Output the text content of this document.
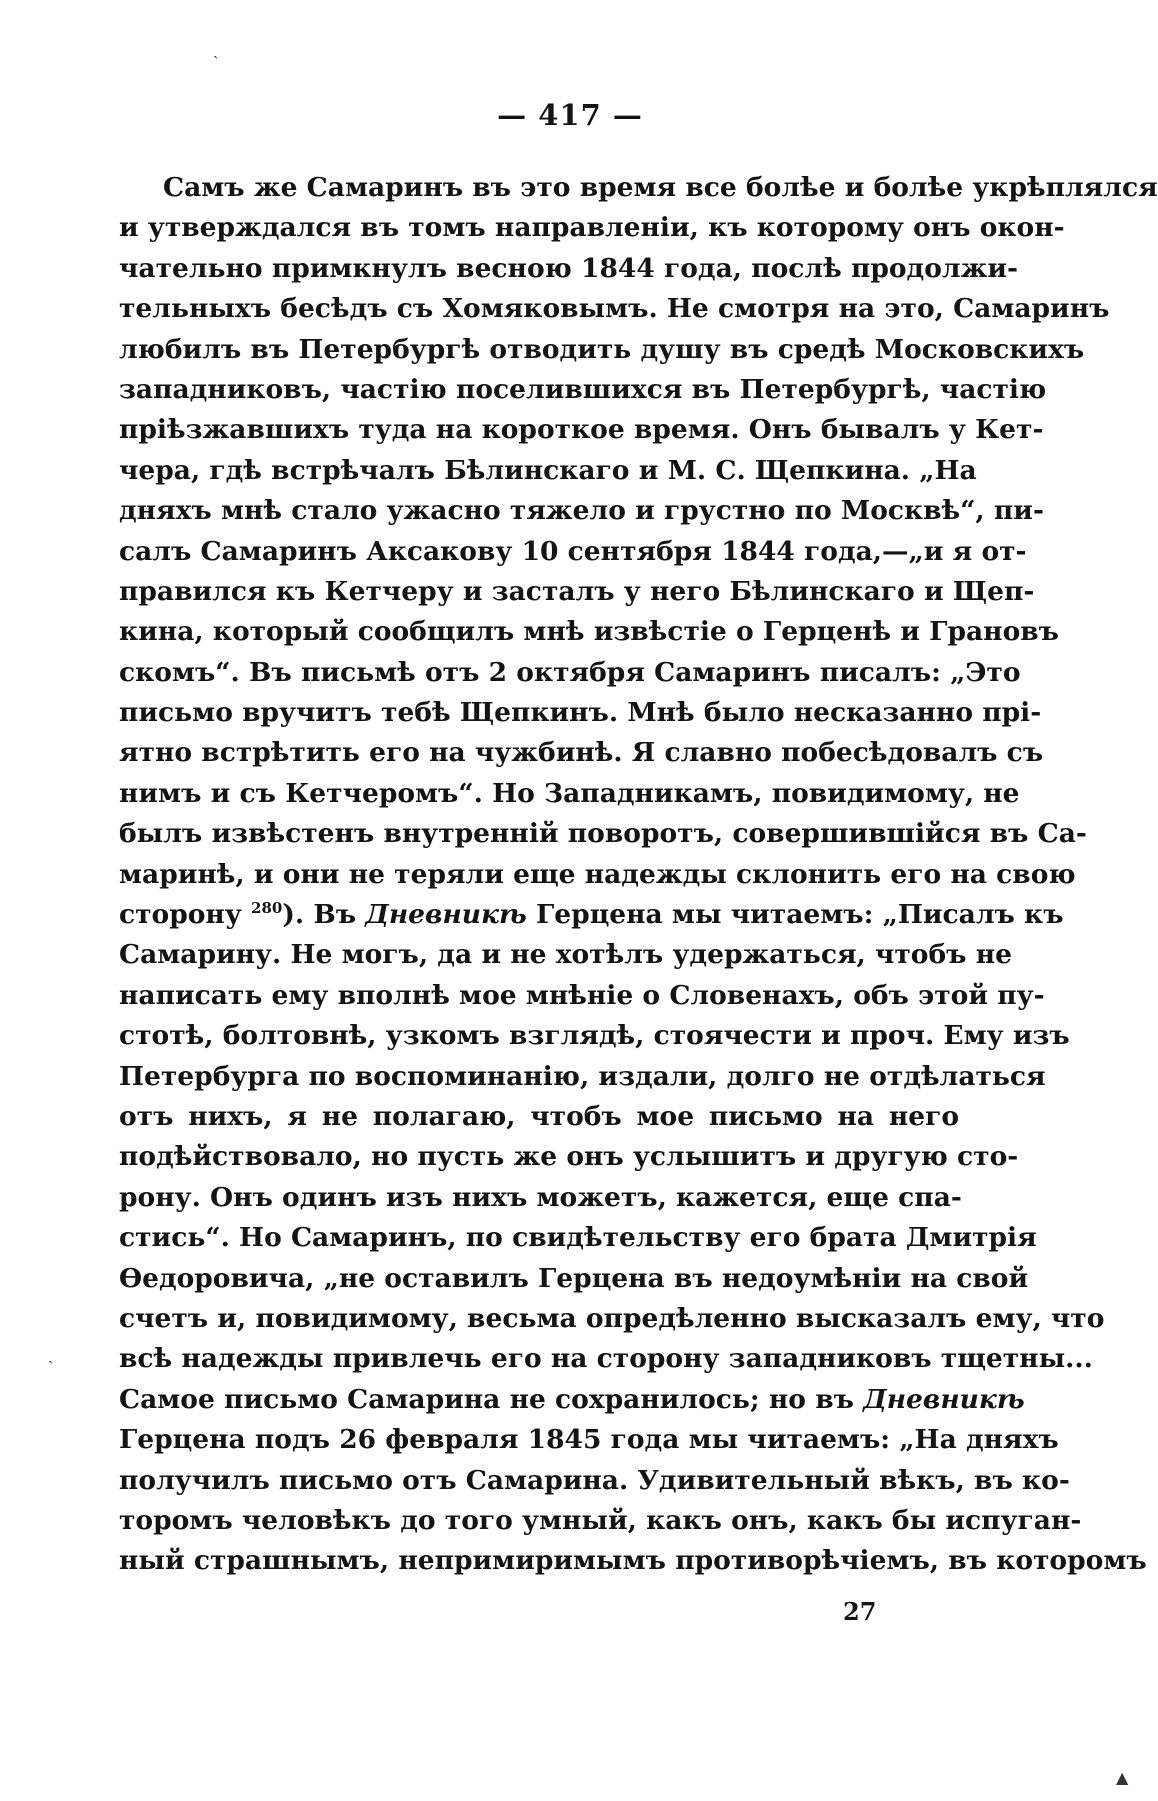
— 417 —
Самъ же Самаринъ въ это время все болѣе и болѣе укрѣплялся
и утверждался въ томъ направленіи, къ которому онъ окон-
чательно примкнулъ весною 1844 года, послѣ продолжи-
тельныхъ бесѣдъ съ Хомяковымъ. Не смотря на это, Самаринъ
любилъ въ Петербургѣ отводить душу въ средѣ Московскихъ
западниковъ, частію поселившихся въ Петербургѣ, частію
пріѣзжавшихъ туда на короткое время. Онъ бывалъ у Кет-
чера, гдѣ встрѣчалъ Бѣлинскаго и М. С. Щепкина. „На
дняхъ мнѣ стало ужасно тяжело и грустно по Москвѣ“, пи-
салъ Самаринъ Аксакову 10 сентября 1844 года,—„и я от-
правился къ Кетчеру и засталъ у него Бѣлинскаго и Щеп-
кина, который сообщилъ мнѣ извѣстіе о Герценѣ и Грановъ
скомъ“. Въ письмѣ отъ 2 октября Самаринъ писалъ: „Это
письмо вручитъ тебѣ Щепкинъ. Мнѣ было несказанно прі-
ятно встрѣтить его на чужбинѣ. Я славно побесѣдовалъ съ
нимъ и съ Кетчеромъ“. Но Западникамъ, повидимому, не
былъ извѣстенъ внутренній поворотъ, совершившійся въ Са-
маринѣ, и они не теряли еще надежды склонить его на свою
сторону $^{280}$). Въ Дневникѣ Герцена мы читаемъ: „Писалъ къ
Самарину. Не могъ, да и не хотѣлъ удержаться, чтобъ не
написать ему вполнѣ мое мнѣніе о Словенахъ, объ этой пу-
стотѣ, болтовнѣ, узкомъ взглядѣ, стоячести и проч. Ему изъ
Петербурга по воспоминанію, издали, долго не отдѣлаться
отъ нихъ, я не полагаю, чтобъ мое письмо на него
подѣйствовало, но пусть же онъ услышитъ и другую сто-
рону. Онъ одинъ изъ нихъ можетъ, кажется, еще спа-
стись“. Но Самаринъ, по свидѣтельству его брата Дмитрія
Ѳедоровича, „не оставилъ Герцена въ недоумѣніи на свой
счетъ и, повидимому, весьма опредѣленно высказалъ ему, что
всѣ надежды привлечь его на сторону западниковъ тщетны...
Самое письмо Самарина не сохранилось; но въ Дневникѣ
Герцена подъ 26 февраля 1845 года мы читаемъ: „На дняхъ
получилъ письмо отъ Самарина. Удивительный вѣкъ, въ ко-
торомъ человѣкъ до того умный, какъ онъ, какъ бы испуган-
ный страшнымъ, непримиримымъ противорѣчіемъ, въ которомъ
27
ˏ
ˏ
▲
